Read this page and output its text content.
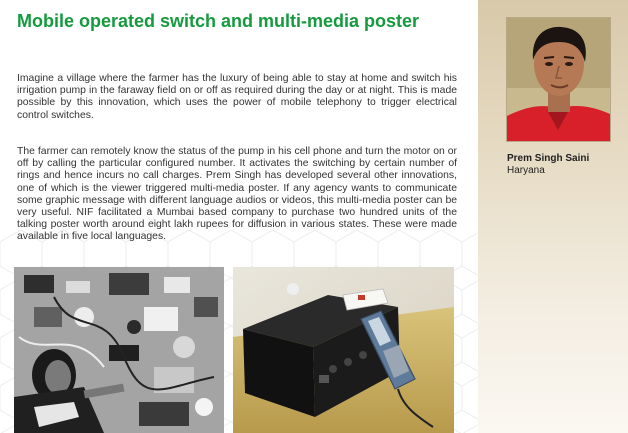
Mobile operated switch and multi-media poster

Imagine a village where the farmer has the luxury of being able to stay at home and switch his irrigation pump in the faraway field on or off as required during the day or at night. This is made possible by this innovation, which uses the power of mobile telephony to trigger electrical control switches.

The farmer can remotely know the status of the pump in his cell phone and turn the motor on or off by calling the particular configured number. It activates the switching by certain number of rings and hence incurs no call charges. Prem Singh has developed several other innovations, one of which is the viewer triggered multi-media poster. If any agency wants to communicate some graphic message with different language audios or videos, this multi-media poster can be very useful. NIF facilitated a Mumbai based company to purchase two hundred units of the talking poster worth around eight lakh rupees for diffusion in various states. These were made available in five local languages.

Prem Singh Saini
Haryana
